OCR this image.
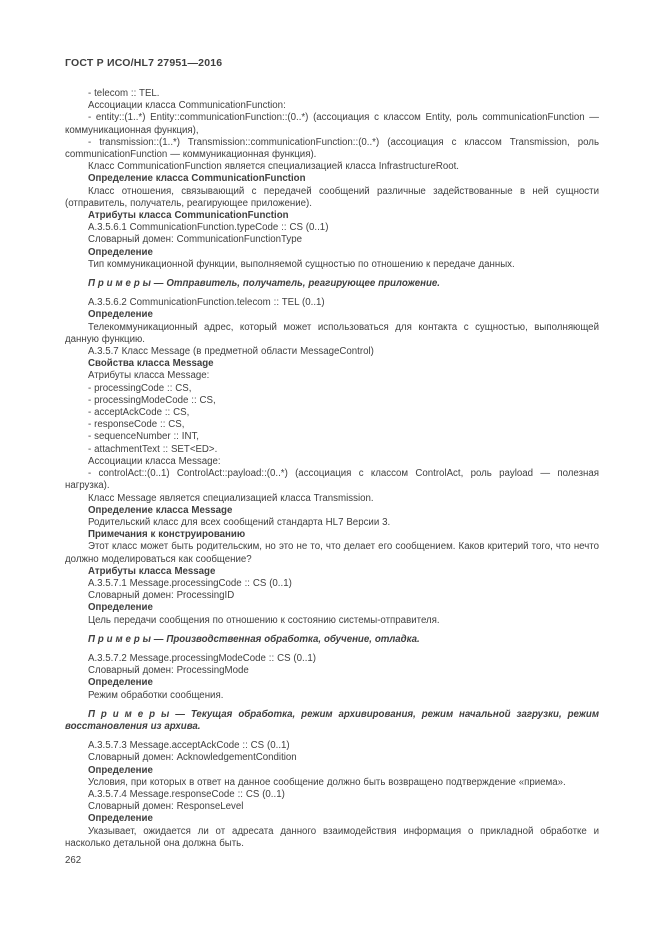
ГОСТ Р ИСО/HL7 27951—2016

- telecom :: TEL.

Ассоциации класса CommunicationFunction:

- entity::(1..*) Entity::communicationFunction::(0..*) (ассоциация с классом Entity, роль communicationFunction — коммуникационная функция),

- transmission::(1..*) Transmission::communicationFunction::(0..*) (ассоциация с классом Transmission, роль communicationFunction — коммуникационная функция).

Класс CommunicationFunction является специализацией класса InfrastructureRoot.

Определение класса CommunicationFunction

Класс отношения, связывающий с передачей сообщений различные задействованные в ней сущности (отправитель, получатель, реагирующее приложение).

Атрибуты класса CommunicationFunction

А.3.5.6.1 CommunicationFunction.typeCode :: CS (0..1)

Словарный домен: CommunicationFunctionType

Определение

Тип коммуникационной функции, выполняемой сущностью по отношению к передаче данных.

П р и м е р ы — Отправитель, получатель, реагирующее приложение.

А.3.5.6.2 CommunicationFunction.telecom :: TEL (0..1)

Определение

Телекоммуникационный адрес, который может использоваться для контакта с сущностью, выполняющей данную функцию.

А.3.5.7 Класс Message (в предметной области MessageControl)

Свойства класса Message

Атрибуты класса Message:

- processingCode :: CS,

- processingModeCode :: CS,

- acceptAckCode :: CS,

- responseCode :: CS,

- sequenceNumber :: INT,

- attachmentText :: SET<ED>.

Ассоциации класса Message:

- controlAct::(0..1) ControlAct::payload::(0..*) (ассоциация с классом ControlAct, роль payload — полезная нагрузка).

Класс Message является специализацией класса Transmission.

Определение класса Message

Родительский класс для всех сообщений стандарта HL7 Версии 3.

Примечания к конструированию

Этот класс может быть родительским, но это не то, что делает его сообщением. Каков критерий того, что нечто должно моделироваться как сообщение?

Атрибуты класса Message

А.3.5.7.1 Message.processingCode :: CS (0..1)

Словарный домен: ProcessingID

Определение

Цель передачи сообщения по отношению к состоянию системы-отправителя.

П р и м е р ы — Производственная обработка, обучение, отладка.

А.3.5.7.2 Message.processingModeCode :: CS (0..1)

Словарный домен: ProcessingMode

Определение

Режим обработки сообщения.

П р и м е р ы — Текущая обработка, режим архивирования, режим начальной загрузки, режим восстановления из архива.

А.3.5.7.3 Message.acceptAckCode :: CS (0..1)

Словарный домен: AcknowledgementCondition

Определение

Условия, при которых в ответ на данное сообщение должно быть возвращено подтверждение «приема».

А.3.5.7.4 Message.responseCode :: CS (0..1)

Словарный домен: ResponseLevel

Определение

Указывает, ожидается ли от адресата данного взаимодействия информация о прикладной обработке и насколько детальной она должна быть.

262
